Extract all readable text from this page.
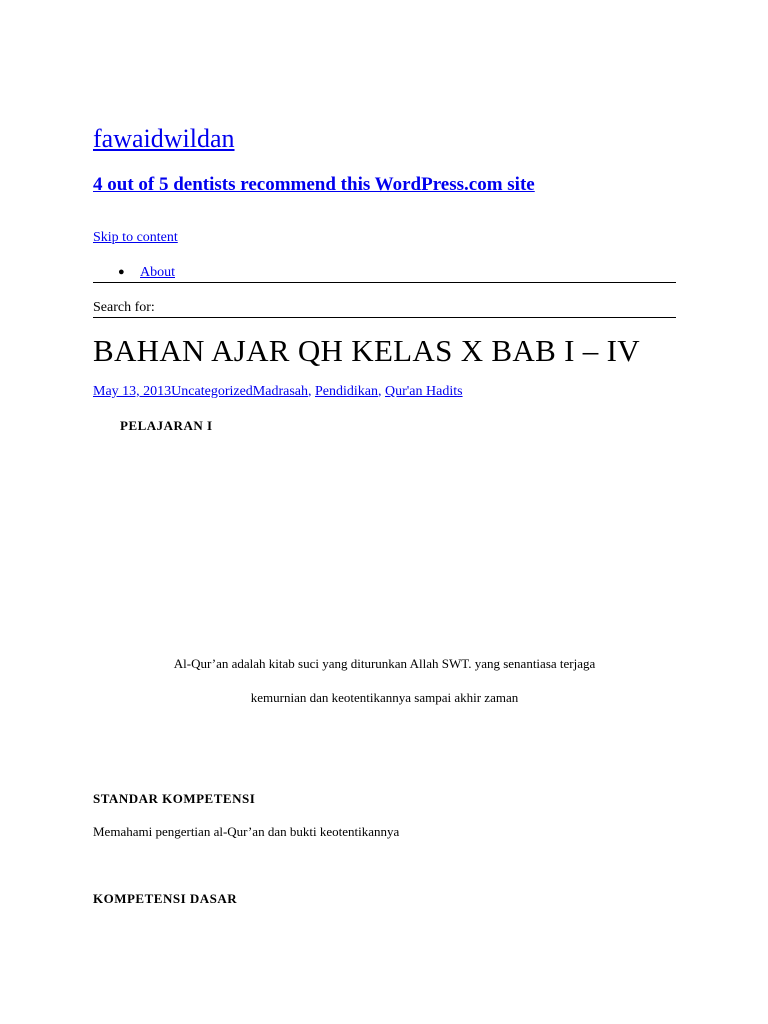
fawaidwildan
4 out of 5 dentists recommend this WordPress.com site
Skip to content
● About
Search for:
BAHAN AJAR QH KELAS X BAB I – IV
May 13, 2013UncategorizedMadrasah, Pendidikan, Qur'an Hadits
PELAJARAN I
Al-Qur’an adalah kitab suci yang diturunkan Allah SWT. yang senantiasa terjaga
kemurnian dan keotentikannya sampai akhir zaman
STANDAR KOMPETENSI
Memahami pengertian al-Qur’an dan bukti keotentikannya
KOMPETENSI DASAR
